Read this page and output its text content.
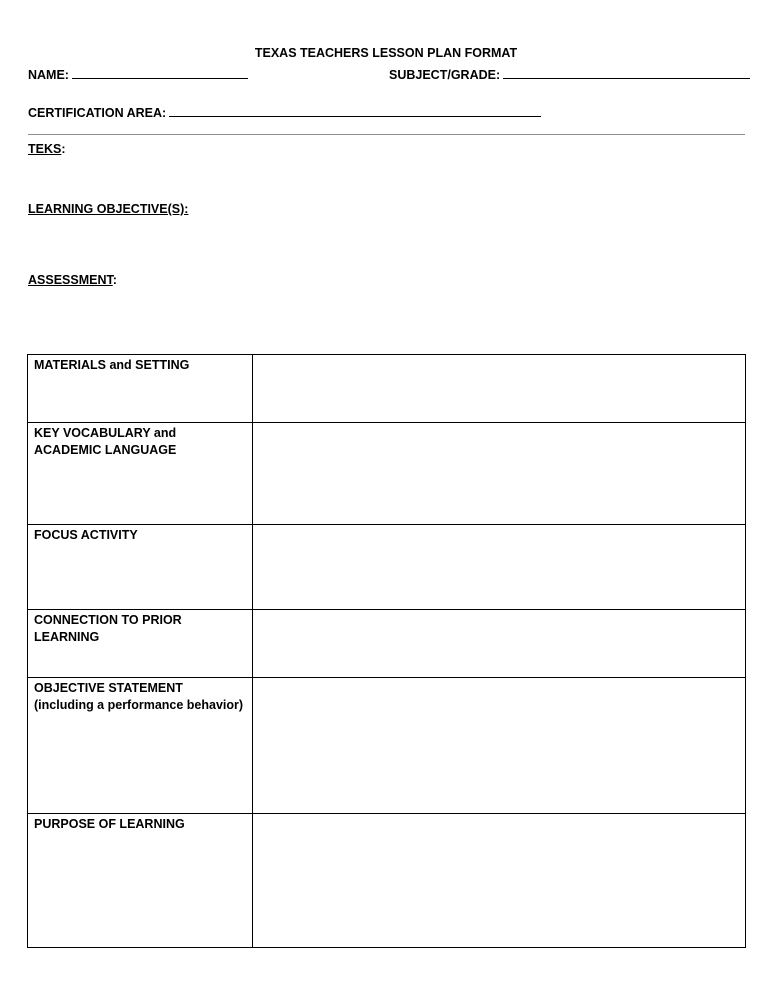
TEXAS TEACHERS LESSON PLAN FORMAT
NAME:	SUBJECT/GRADE:
CERTIFICATION AREA:
TEKS:
LEARNING OBJECTIVE(S):
ASSESSMENT:
MATERIALS and SETTING	
KEY VOCABULARY and ACADEMIC LANGUAGE	
FOCUS ACTIVITY	
CONNECTION TO PRIOR LEARNING	
OBJECTIVE STATEMENT (including a performance behavior)	
PURPOSE OF LEARNING	
